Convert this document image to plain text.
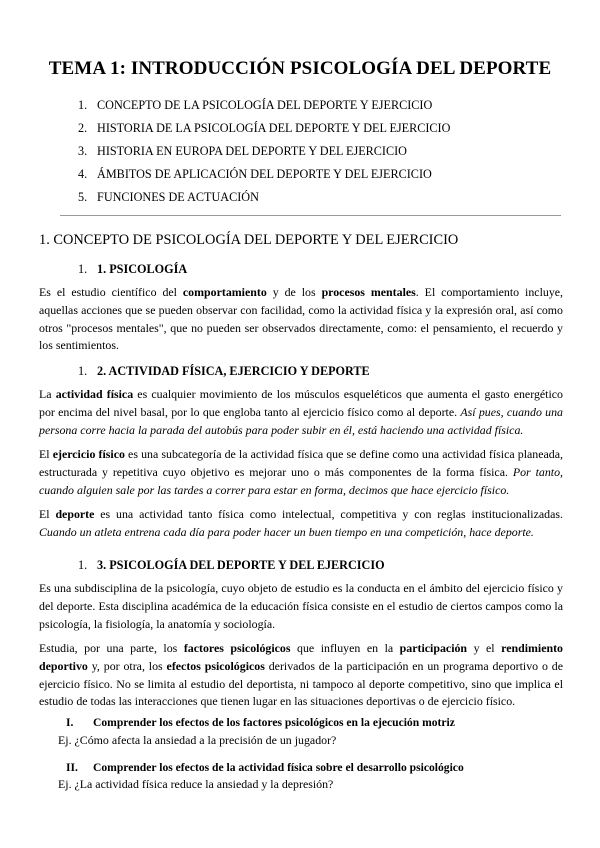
TEMA 1: INTRODUCCIÓN PSICOLOGÍA DEL DEPORTE
1. CONCEPTO DE LA PSICOLOGÍA DEL DEPORTE Y EJERCICIO
2. HISTORIA DE LA PSICOLOGÍA DEL DEPORTE Y DEL EJERCICIO
3. HISTORIA EN EUROPA DEL DEPORTE Y DEL EJERCICIO
4. ÁMBITOS DE APLICACIÓN DEL DEPORTE Y DEL EJERCICIO
5. FUNCIONES DE ACTUACIÓN
1. CONCEPTO DE PSICOLOGÍA DEL DEPORTE Y DEL EJERCICIO
1. 1. PSICOLOGÍA
Es el estudio científico del comportamiento y de los procesos mentales. El comportamiento incluye, aquellas acciones que se pueden observar con facilidad, como la actividad física y la expresión oral, así como otros "procesos mentales", que no pueden ser observados directamente, como: el pensamiento, el recuerdo y los sentimientos.
1. 2. ACTIVIDAD FÍSICA, EJERCICIO Y DEPORTE
La actividad física es cualquier movimiento de los músculos esqueléticos que aumenta el gasto energético por encima del nivel basal, por lo que engloba tanto al ejercicio físico como al deporte. Así pues, cuando una persona corre hacia la parada del autobús para poder subir en él, está haciendo una actividad física.
El ejercicio físico es una subcategoría de la actividad física que se define como una actividad física planeada, estructurada y repetitiva cuyo objetivo es mejorar uno o más componentes de la forma física. Por tanto, cuando alguien sale por las tardes a correr para estar en forma, decimos que hace ejercicio físico.
El deporte es una actividad tanto física como intelectual, competitiva y con reglas institucionalizadas. Cuando un atleta entrena cada día para poder hacer un buen tiempo en una competición, hace deporte.
1. 3. PSICOLOGÍA DEL DEPORTE Y DEL EJERCICIO
Es una subdisciplina de la psicología, cuyo objeto de estudio es la conducta en el ámbito del ejercicio físico y del deporte. Esta disciplina académica de la educación física consiste en el estudio de ciertos campos como la psicología, la fisiología, la anatomía y sociología.
Estudia, por una parte, los factores psicológicos que influyen en la participación y el rendimiento deportivo y, por otra, los efectos psicológicos derivados de la participación en un programa deportivo o de ejercicio físico. No se limita al estudio del deportista, ni tampoco al deporte competitivo, sino que implica el estudio de todas las interacciones que tienen lugar en las situaciones deportivas o de ejercicio físico.
I. Comprender los efectos de los factores psicológicos en la ejecución motriz
Ej. ¿Cómo afecta la ansiedad a la precisión de un jugador?
II. Comprender los efectos de la actividad física sobre el desarrollo psicológico
Ej. ¿La actividad física reduce la ansiedad y la depresión?
